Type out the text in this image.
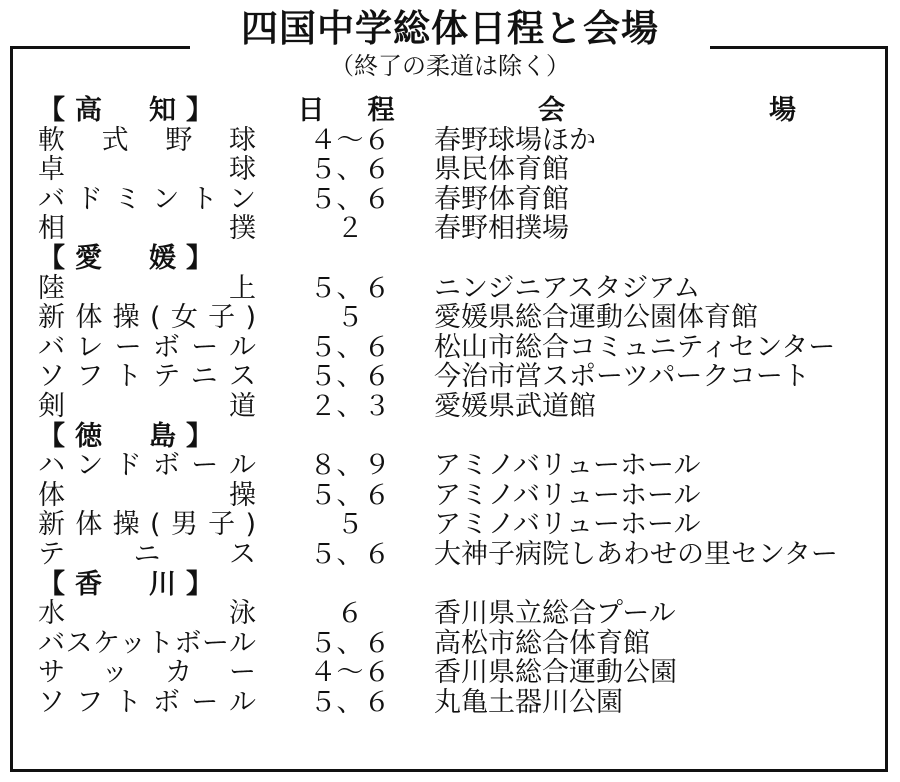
四国中学総体日程と会場
（終了の柔道は除く）
【高　知】	日　程	会　　場
軟式野球	４〜６	春野球場ほか
卓　　球	５、６	県民体育館
バドミントン	５、６	春野体育館
相　　撲	２	春野相撲場
【愛　媛】
陸　　上	５、６	ニンジニアスタジアム
新体操(女子)	５	愛媛県総合運動公園体育館
バレーボール	５、６	松山市総合コミュニティセンター
ソフトテニス	５、６	今治市営スポーツパークコート
剣　　道	２、３	愛媛県武道館
【徳　島】
ハンドボール	８、９	アミノバリューホール
体　　操	５、６	アミノバリューホール
新体操(男子)	５	アミノバリューホール
テ　ニ　ス	５、６	大神子病院しあわせの里センター
【香　川】
水　　泳	６	香川県立総合プール
バスケットボール	５、６	高松市総合体育館
サッカー	４〜６	香川県総合運動公園
ソフトボール	５、６	丸亀土器川公園
